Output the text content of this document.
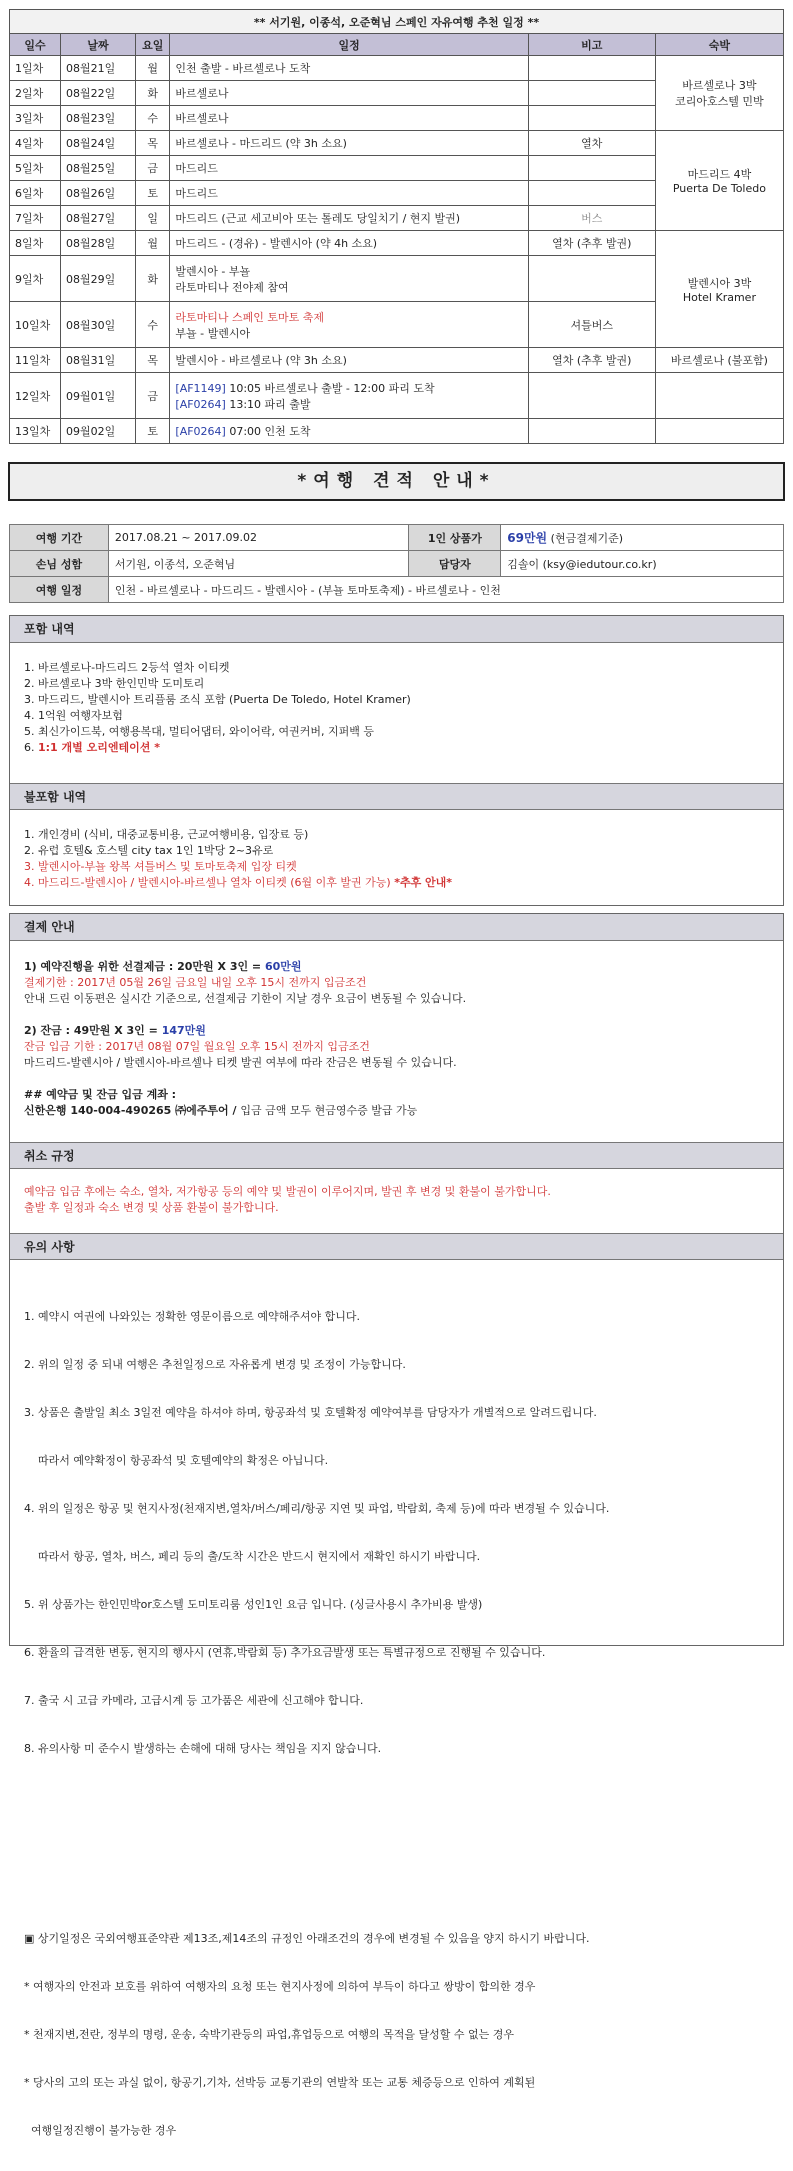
** 서기원, 이종석, 오준혁님 스페인 자유여행 추천 일정 **					
일수	날짜	요일	일정	비고	숙박
1일차	08월21일	월	인천 출발 - 바르셀로나 도착		바르셀로나 3박
코리아호스텔 민박
2일차	08월22일	화	바르셀로나		
3일차	08월23일	수	바르셀로나		
4일차	08월24일	목	바르셀로나 - 마드리드 (약 3h 소요)	열차	마드리드 4박
Puerta De Toledo
5일차	08월25일	금	마드리드		
6일차	08월26일	토	마드리드		
7일차	08월27일	일	마드리드 (근교 세고비아 또는 톨레도 당일치기 / 현지 발권)	버스	
8일차	08월28일	월	마드리드 - (경유) - 발렌시아 (약 4h 소요)	열차 (추후 발권)	발렌시아 3박
Hotel Kramer
9일차	08월29일	화	발렌시아 - 부뇰
라토마티나 전야제 참여		
10일차	08월30일	수	라토마티나 스페인 토마토 축제
부뇰 - 발렌시아	셔틀버스	
11일차	08월31일	목	발렌시아 - 바르셀로나 (약 3h 소요)	열차 (추후 발권)	바르셀로나 (불포함)
12일차	09월01일	금	[AF1149] 10:05 바르셀로나 출발 - 12:00 파리 도착
[AF0264] 13:10 파리 출발		
13일차	09월02일	토	[AF0264] 07:00 인천 도착		
*여행 견적 안내*
여행 기간	2017.08.21 ~ 2017.09.02	1인 상품가	69만원 (현금결제기준)
손님 성함	서기원, 이종석, 오준혁님	담당자	김솔이 (ksy@iedutour.co.kr)
여행 일정	인천 - 바르셀로나 - 마드리드 - 발렌시아 - (부뇰 토마토축제) - 바르셀로나 - 인천		
포함 내역
1. 바르셀로나-마드리드 2등석 열차 이티켓
2. 바르셀로나 3박 한인민박 도미토리
3. 마드리드, 발렌시아 트리플룸 조식 포함 (Puerta De Toledo, Hotel Kramer)
4. 1억원 여행자보험
5. 최신가이드북, 여행용복대, 멀티어댑터, 와이어락, 여권커버, 지퍼백 등
6. 1:1 개별 오리엔테이션 *
불포함 내역
1. 개인경비 (식비, 대중교통비용, 근교여행비용, 입장료 등)
2. 유럽 호텔& 호스텔 city tax 1인 1박당 2~3유로
3. 발렌시아-부뇰 왕복 셔틀버스 및 토마토축제 입장 티켓
4. 마드리드-발렌시아 / 발렌시아-바르셀나 열차 이티켓 (6월 이후 발권 가능) *추후 안내*
결제 안내
1) 예약진행을 위한 선결제금 : 20만원 X 3인 = 60만원
결제기한 : 2017년 05월 26일 금요일 내일 오후 15시 전까지 입금조건
안내 드린 이동편은 실시간 기준으로, 선결제금 기한이 지날 경우 요금이 변동될 수 있습니다.
2) 잔금 : 49만원 X 3인 = 147만원
잔금 입금 기한 : 2017년 08월 07일 월요일 오후 15시 전까지 입금조건
마드리드-발렌시아 / 발렌시아-바르셀나 티켓 발권 여부에 따라 잔금은 변동될 수 있습니다.
## 예약금 및 잔금 입금 계좌 :
신한은행 140-004-490265 ㈜에주투어 / 입금 금액 모두 현금영수증 발급 가능
취소 규정
예약금 입금 후에는 숙소, 열차, 저가항공 등의 예약 및 발권이 이루어지며, 발권 후 변경 및 환불이 불가합니다.
출발 후 일정과 숙소 변경 및 상품 환불이 불가합니다.
유의 사항

1. 예약시 여권에 나와있는 정확한 영문이름으로 예약해주셔야 합니다.

2. 위의 일정 중 되내 여행은 추천일정으로 자유롭게 변경 및 조정이 가능합니다.

3. 상품은 출발일 최소 3일전 예약을 하셔야 하며, 항공좌석 및 호텔확정 예약여부를 담당자가 개별적으로 알려드립니다.

따라서 예약확정이 항공좌석 및 호텔예약의 확정은 아닙니다.

4. 위의 일정은 항공 및 현지사정(천재지변,열차/버스/페리/항공 지연 및 파업, 박람회, 축제 등)에 따라 변경될 수 있습니다.

따라서 항공, 열차, 버스, 페리 등의 출/도착 시간은 반드시 현지에서 재확인 하시기 바랍니다.

5. 위 상품가는 한인민박or호스텔 도미토리룸 성인1인 요금 입니다. (싱글사용시 추가비용 발생)

6. 환율의 급격한 변동, 현지의 행사시 (연휴,박람회 등) 추가요금발생 또는 특별규정으로 진행될 수 있습니다.

7. 출국 시 고급 카메라, 고급시계 등 고가품은 세관에 신고해야 합니다.

8. 유의사항 미 준수시 발생하는 손해에 대해 당사는 책임을 지지 않습니다.

▣ 상기일정은 국외여행표준약관 제13조,제14조의 규정인 아래조건의 경우에 변경될 수 있음을 양지 하시기 바랍니다.

* 여행자의 안전과 보호를 위하여 여행자의 요청 또는 현지사정에 의하여 부득이 하다고 쌍방이 합의한 경우

* 천재지변,전란, 정부의 명령, 운송, 숙박기관등의 파업,휴업등으로 여행의 목적을 달성할 수 없는 경우

* 당사의 고의 또는 과실 없이, 항공기,기차, 선박등 교통기관의 연발착 또는 교통 체증등으로 인하여 계획된

여행일정진행이 불가능한 경우
